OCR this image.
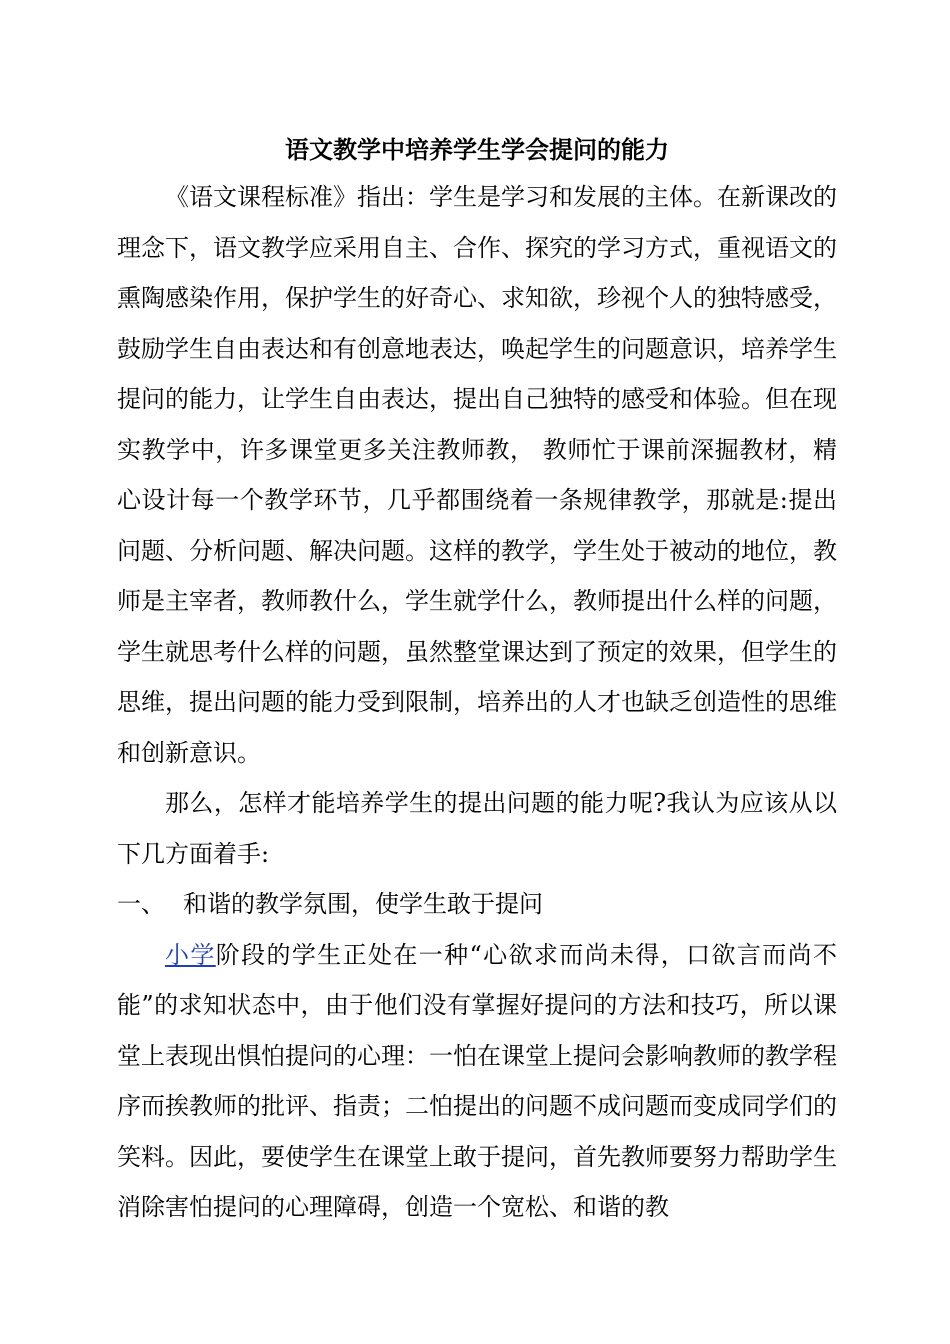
语文教学中培养学生学会提问的能力

《语文课程标准》指出：学生是学习和发展的主体。在新课改的理念下，语文教学应采用自主、合作、探究的学习方式，重视语文的熏陶感染作用，保护学生的好奇心、求知欲，珍视个人的独特感受，鼓励学生自由表达和有创意地表达，唤起学生的问题意识，培养学生提问的能力，让学生自由表达，提出自己独特的感受和体验。但在现实教学中，许多课堂更多关注教师教， 教师忙于课前深掘教材，精心设计每一个教学环节，几乎都围绕着一条规律教学，那就是:提出问题、分析问题、解决问题。这样的教学，学生处于被动的地位，教师是主宰者，教师教什么，学生就学什么，教师提出什么样的问题，学生就思考什么样的问题，虽然整堂课达到了预定的效果，但学生的思维，提出问题的能力受到限制，培养出的人才也缺乏创造性的思维和创新意识。

那么，怎样才能培养学生的提出问题的能力呢?我认为应该从以下几方面着手:

一、 和谐的教学氛围，使学生敢于提问

小学阶段的学生正处在一种“心欲求而尚未得，口欲言而尚不能”的求知状态中，由于他们没有掌握好提问的方法和技巧，所以课堂上表现出惧怕提问的心理：一怕在课堂上提问会影响教师的教学程序而挨教师的批评、指责；二怕提出的问题不成问题而变成同学们的笑料。因此，要使学生在课堂上敢于提问，首先教师要努力帮助学生消除害怕提问的心理障碍，创造一个宽松、和谐的教
